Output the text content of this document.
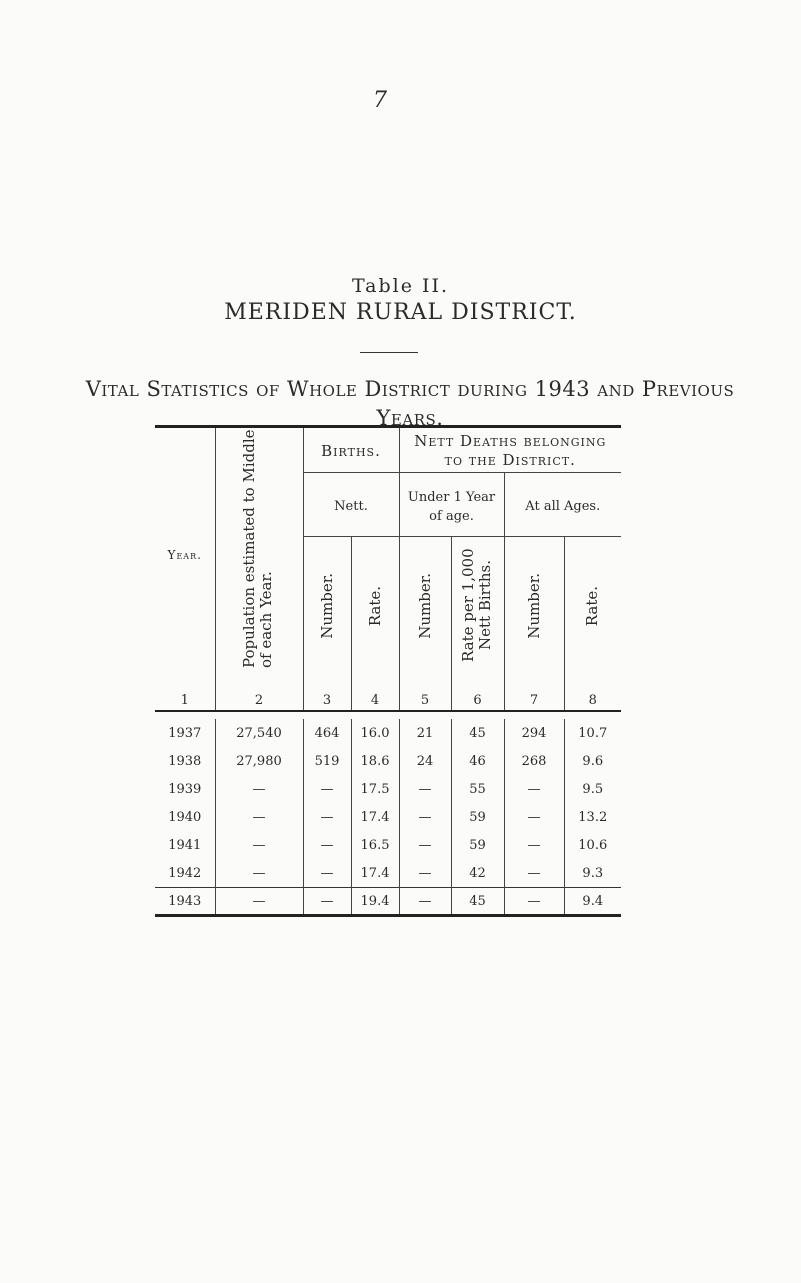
7
Table II.
MERIDEN RURAL DISTRICT.
Vital Statistics of Whole District during 1943 and Previous Years.
Year.	Population estimated to Middle of each Year.	Births.		Nett Deaths belonging to the District.			
		Nett.		Under 1 Year of age.		At all Ages.	
		Number.	Rate.	Number.	Rate per 1,000 Nett Births.	Number.	Rate.
1	2	3	4	5	6	7	8

1937	27,540	464	16.0	21	45	294	10.7
1938	27,980	519	18.6	24	46	268	9.6
1939	—	—	17.5	—	55	—	9.5
1940	—	—	17.4	—	59	—	13.2
1941	—	—	16.5	—	59	—	10.6
1942	—	—	17.4	—	42	—	9.3
1943	—	—	19.4	—	45	—	9.4
